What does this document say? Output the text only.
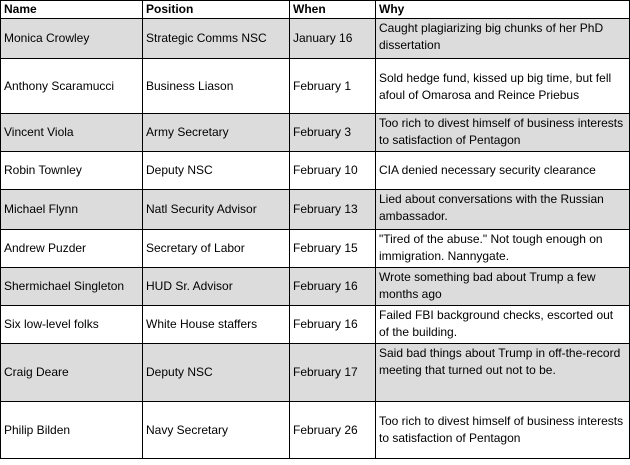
Name	Position	When	Why
Monica Crowley	Strategic Comms NSC	January 16	Caught plagiarizing big chunks of her PhD dissertation
Anthony Scaramucci	Business Liason	February 1	Sold hedge fund, kissed up big time, but fell afoul of Omarosa and Reince Priebus
Vincent Viola	Army Secretary	February 3	Too rich to divest himself of business interests to satisfaction of Pentagon
Robin Townley	Deputy NSC	February 10	CIA denied necessary security clearance
Michael Flynn	Natl Security Advisor	February 13	Lied about conversations with the Russian ambassador.
Andrew Puzder	Secretary of Labor	February 15	"Tired of the abuse." Not tough enough on immigration. Nannygate.
Shermichael Singleton	HUD Sr. Advisor	February 16	Wrote something bad about Trump a few months ago
Six low-level folks	White House staffers	February 16	Failed FBI background checks, escorted out of the building.
Craig Deare	Deputy NSC	February 17	Said bad things about Trump in off-the-record meeting that turned out not to be.
Philip Bilden	Navy Secretary	February 26	Too rich to divest himself of business interests to satisfaction of Pentagon
